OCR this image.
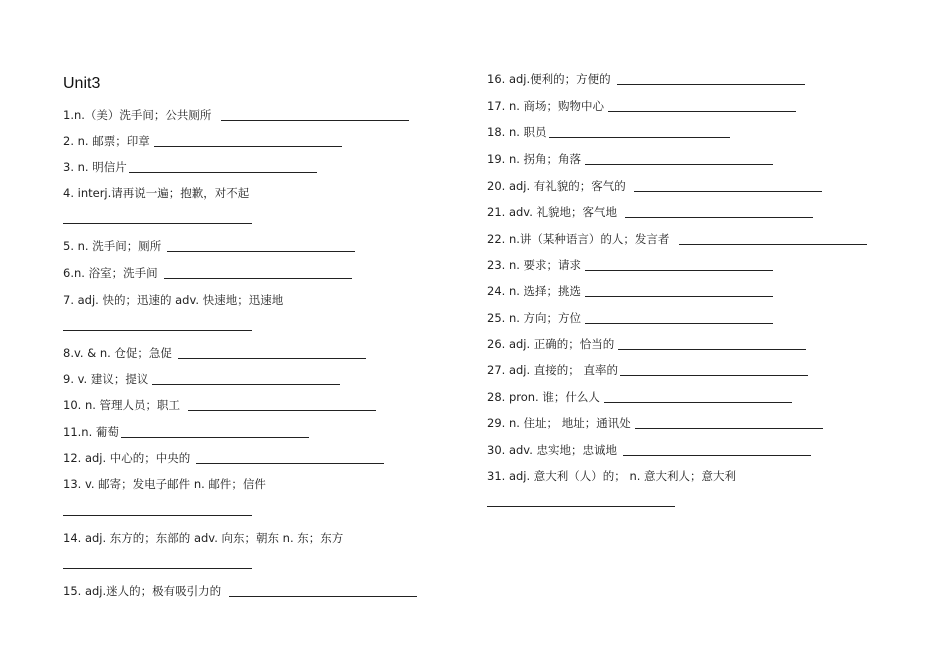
Unit3
1.n.（美）洗手间；公共厕所
2. n. 邮票；印章
3. n. 明信片
4. interj.请再说一遍；抱歉，对不起
5. n. 洗手间；厕所
6.n. 浴室；洗手间
7. adj. 快的；迅速的 adv. 快速地；迅速地
8.v. & n. 仓促；急促
9. v. 建议；提议
10. n. 管理人员；职工
11.n. 葡萄
12. adj. 中心的；中央的
13. v. 邮寄；发电子邮件 n. 邮件；信件
14. adj. 东方的；东部的 adv. 向东；朝东 n. 东；东方
15. adj.迷人的；极有吸引力的
16. adj.便利的；方便的
17. n. 商场；购物中心
18. n. 职员
19. n. 拐角；角落
20. adj. 有礼貌的；客气的
21. adv. 礼貌地；客气地
22. n.讲（某种语言）的人；发言者
23. n. 要求；请求
24. n. 选择；挑选
25. n. 方向；方位
26. adj. 正确的；恰当的
27. adj. 直接的； 直率的
28. pron. 谁；什么人
29. n. 住址； 地址；通讯处
30. adv. 忠实地；忠诚地
31. adj. 意大利（人）的； n. 意大利人；意大利
